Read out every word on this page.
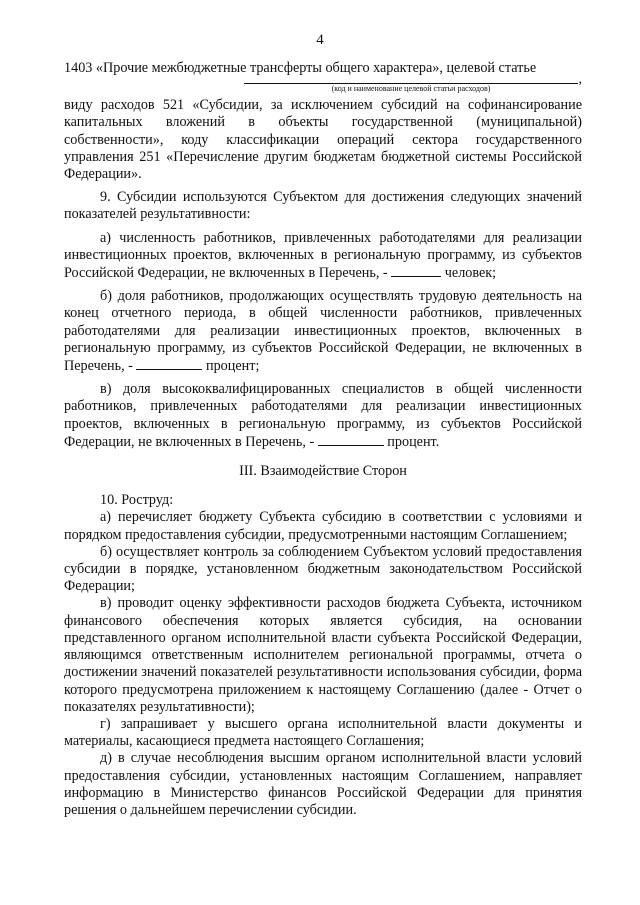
4
1403 «Прочие межбюджетные трансферты общего характера», целевой статье
,
(код и наименование целевой статьи расходов)

виду расходов 521 «Субсидии, за исключением субсидий на софинансирование капитальных вложений в объекты государственной (муниципальной) собственности», коду классификации операций сектора государственного управления 251 «Перечисление другим бюджетам бюджетной системы Российской Федерации».

9. Субсидии используются Субъектом для достижения следующих значений показателей результативности:

а) численность работников, привлеченных работодателями для реализации инвестиционных проектов, включенных в региональную программу, из субъектов Российской Федерации, не включенных в Перечень, -	человек;

б) доля работников, продолжающих осуществлять трудовую деятельность на конец отчетного периода, в общей численности работников, привлеченных работодателями для реализации инвестиционных проектов, включенных в региональную программу, из субъектов Российской Федерации, не включенных в Перечень, -	процент;

в) доля высококвалифицированных специалистов в общей численности работников, привлеченных работодателями для реализации инвестиционных проектов, включенных в региональную программу, из субъектов Российской Федерации, не включенных в Перечень, -	процент.

III. Взаимодействие Сторон

10. Роструд:

а) перечисляет бюджету Субъекта субсидию в соответствии с условиями и порядком предоставления субсидии, предусмотренными настоящим Соглашением;

б) осуществляет контроль за соблюдением Субъектом условий предоставления субсидии в порядке, установленном бюджетным законодательством Российской Федерации;

в) проводит оценку эффективности расходов бюджета Субъекта, источником финансового обеспечения которых является субсидия, на основании представленного органом исполнительной власти субъекта Российской Федерации, являющимся ответственным исполнителем региональной программы, отчета о достижении значений показателей результативности использования субсидии, форма которого предусмотрена приложением к настоящему Соглашению (далее - Отчет о показателях результативности);

г) запрашивает у высшего органа исполнительной власти документы и материалы, касающиеся предмета настоящего Соглашения;

д) в случае несоблюдения высшим органом исполнительной власти условий предоставления субсидии, установленных настоящим Соглашением, направляет информацию в Министерство финансов Российской Федерации для принятия решения о дальнейшем перечислении субсидии.
